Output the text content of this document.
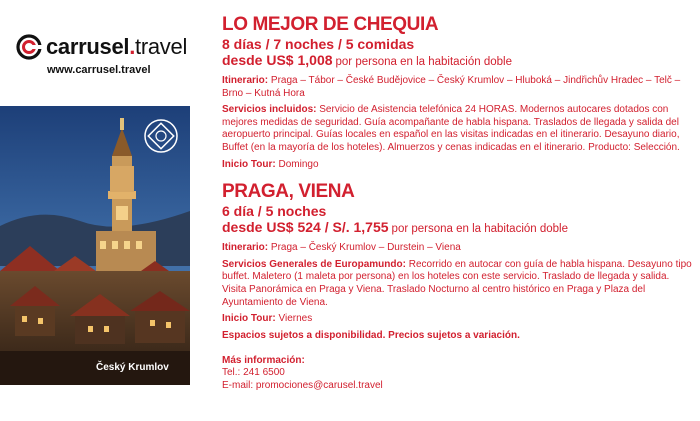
carrusel.travel
www.carrusel.travel
Český Krumlov
LO MEJOR DE CHEQUIA
8 días / 7 noches / 5 comidas
desde US$ 1,008 por persona en la habitación doble
Itinerario: Praga – Tábor – České Budějovice – Český Krumlov – Hluboká – Jindřichův Hradec – Telč – Brno – Kutná Hora
Servicios incluidos: Servicio de Asistencia telefónica 24 HORAS. Modernos autocares dotados con mejores medidas de seguridad. Guía acompañante de habla hispana. Traslados de llegada y salida del aeropuerto principal. Guías locales en español en las visitas indicadas en el itinerario. Desayuno diario, Buffet (en la mayoría de los hoteles). Almuerzos y cenas indicadas en el itinerario. Producto: Selección.
Inicio Tour: Domingo
PRAGA, VIENA
6 día / 5 noches
desde US$ 524 / S/. 1,755 por persona en la habitación doble
Itinerario: Praga – Český Krumlov – Durstein – Viena
Servicios Generales de Europamundo: Recorrido en autocar con guía de habla hispana. Desayuno tipo buffet. Maletero (1 maleta por persona) en los hoteles con este servicio. Traslado de llegada y salida. Visita Panorámica en Praga y Viena. Traslado Nocturno al centro histórico en Praga y Plaza del Ayuntamiento de Viena.
Inicio Tour: Viernes
Espacios sujetos a disponibilidad. Precios sujetos a variación.
Más información:
Tel.: 241 6500
E-mail: promociones@carusel.travel
